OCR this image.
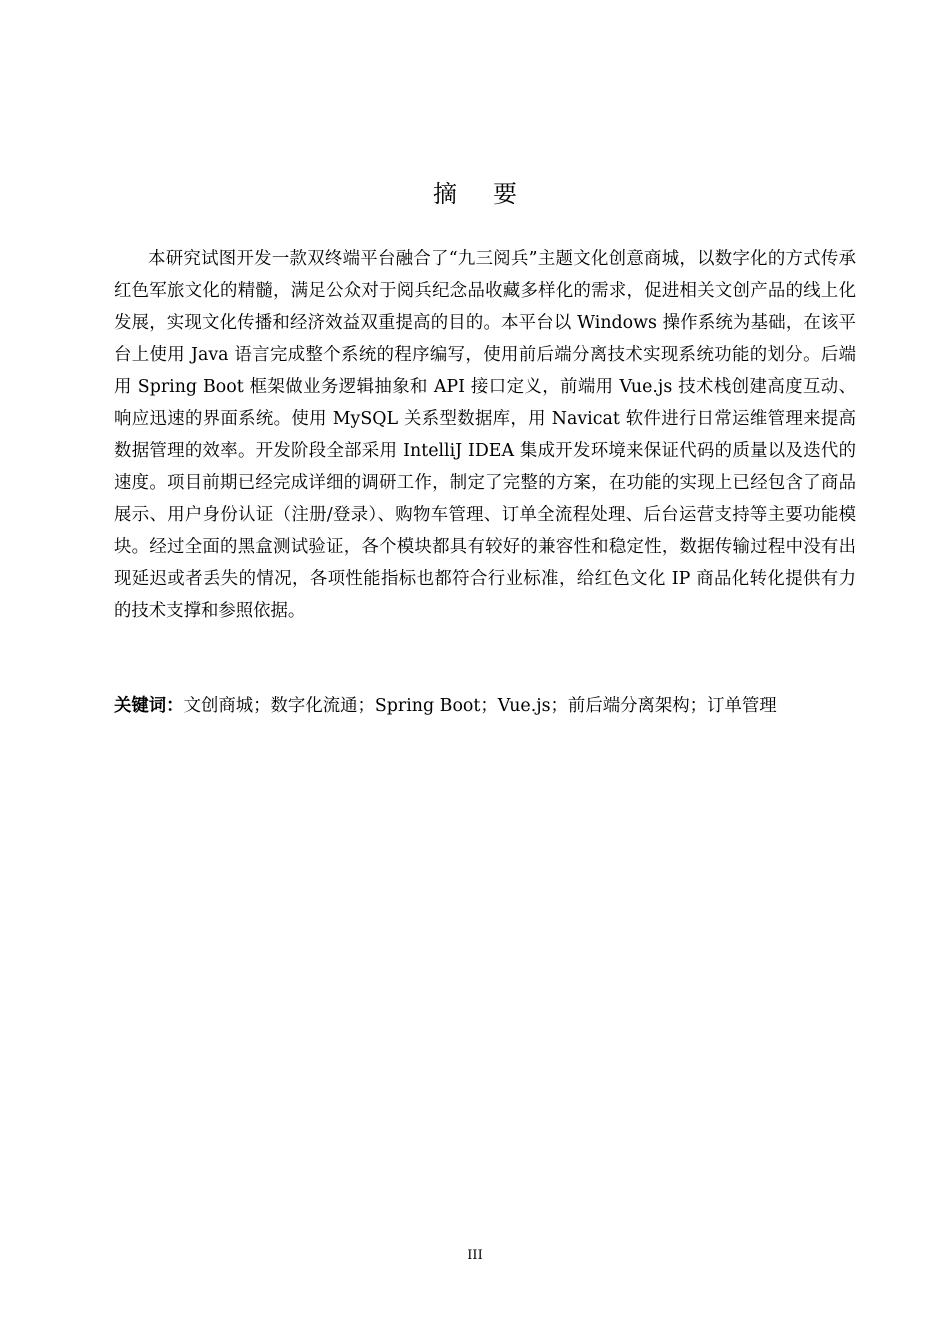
摘要

本研究试图开发一款双终端平台融合了“九三阅兵”主题文化创意商城，以数字化的方式传承红色军旅文化的精髓，满足公众对于阅兵纪念品收藏多样化的需求，促进相关文创产品的线上化发展，实现文化传播和经济效益双重提高的目的。本平台以 Windows 操作系统为基础，在该平台上使用 Java 语言完成整个系统的程序编写，使用前后端分离技术实现系统功能的划分。后端用 Spring Boot 框架做业务逻辑抽象和 API 接口定义，前端用 Vue.js 技术栈创建高度互动、响应迅速的界面系统。使用 MySQL 关系型数据库，用 Navicat 软件进行日常运维管理来提高数据管理的效率。开发阶段全部采用 IntelliJ IDEA 集成开发环境来保证代码的质量以及迭代的速度。项目前期已经完成详细的调研工作，制定了完整的方案，在功能的实现上已经包含了商品展示、用户身份认证（注册/登录）、购物车管理、订单全流程处理、后台运营支持等主要功能模块。经过全面的黑盒测试验证，各个模块都具有较好的兼容性和稳定性，数据传输过程中没有出现延迟或者丢失的情况，各项性能指标也都符合行业标准，给红色文化 IP 商品化转化提供有力的技术支撑和参照依据。

关键词：文创商城；数字化流通；Spring Boot；Vue.js；前后端分离架构；订单管理

III
